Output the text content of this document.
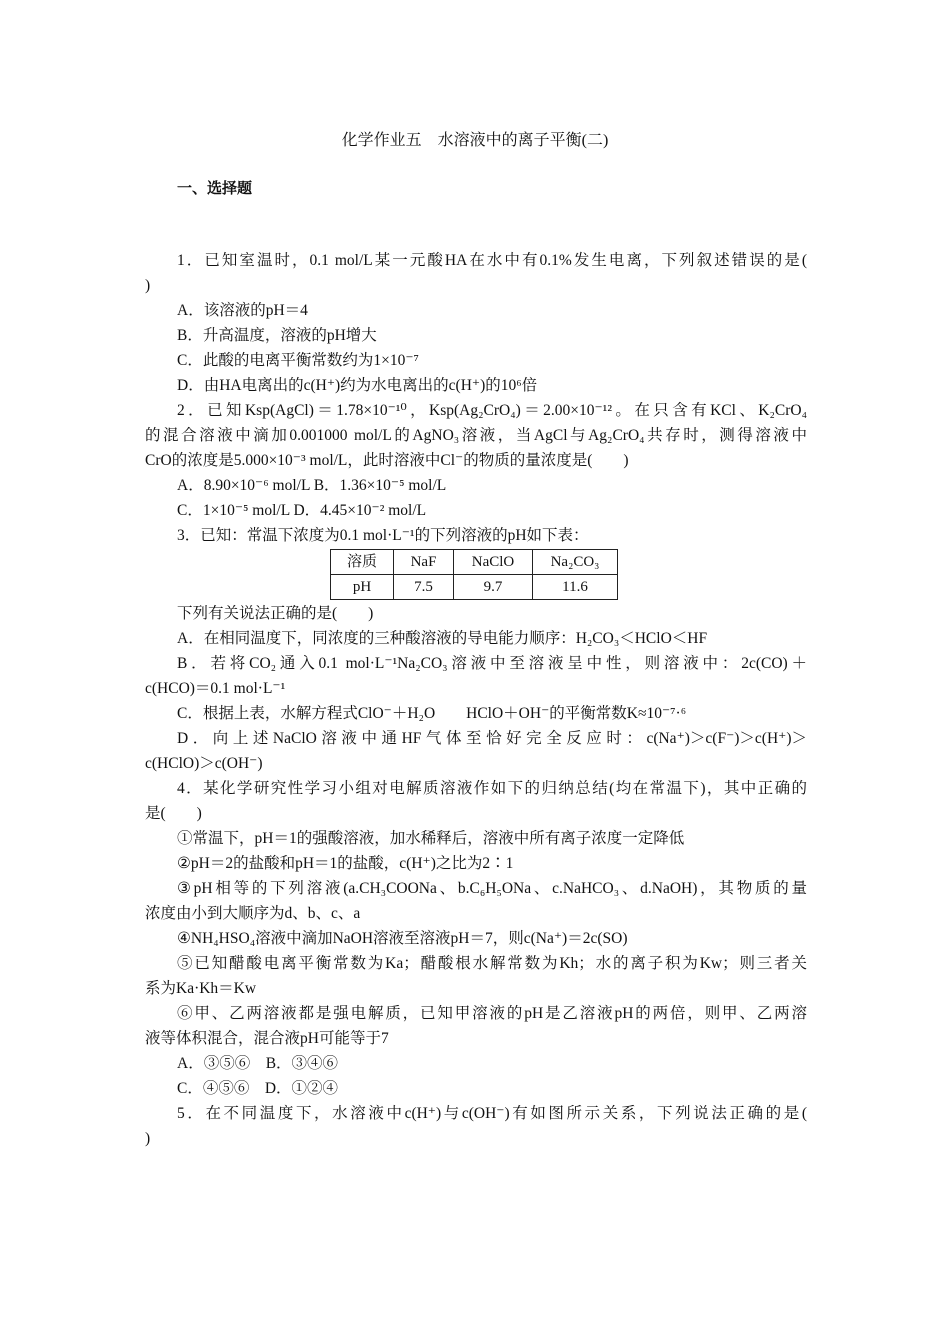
化学作业五　水溶液中的离子平衡(二)
一、选择题

1．已知室温时，0.1 mol/L某一元酸HA在水中有0.1%发生电离，下列叙述错误的是(

)

A．该溶液的pH＝4

B．升高温度，溶液的pH增大

C．此酸的电离平衡常数约为1×10⁻⁷

D．由HA电离出的c(H⁺)约为水电离出的c(H⁺)的10⁶倍

2．已知Ksp(AgCl)＝1.78×10⁻¹⁰，Ksp(Ag₂CrO₄)＝2.00×10⁻¹²。在只含有KCl、K₂CrO₄

的混合溶液中滴加0.001000 mol/L的AgNO₃溶液，当AgCl与Ag₂CrO₄共存时，测得溶液中

CrO的浓度是5.000×10⁻³ mol/L，此时溶液中Cl⁻的物质的量浓度是(　　)

A．8.90×10⁻⁶ mol/L B．1.36×10⁻⁵ mol/L

C．1×10⁻⁵ mol/L D．4.45×10⁻² mol/L

3．已知：常温下浓度为0.1 mol·L⁻¹的下列溶液的pH如下表：

溶质	NaF	NaClO	Na₂CO₃
pH	7.5	9.7	11.6

下列有关说法正确的是(　　)

A．在相同温度下，同浓度的三种酸溶液的导电能力顺序：H₂CO₃＜HClO＜HF

B．若将CO₂通入0.1 mol·L⁻¹Na₂CO₃溶液中至溶液呈中性，则溶液中：2c(CO)＋

c(HCO)＝0.1 mol·L⁻¹

C．根据上表，水解方程式ClO⁻＋H₂O　　HClO＋OH⁻的平衡常数K≈10⁻⁷·⁶

D．向上述NaClO溶液中通HF气体至恰好完全反应时：c(Na⁺)＞c(F⁻)＞c(H⁺)＞

c(HClO)＞c(OH⁻)

4．某化学研究性学习小组对电解质溶液作如下的归纳总结(均在常温下)，其中正确的

是(　　)

①常温下，pH＝1的强酸溶液，加水稀释后，溶液中所有离子浓度一定降低

②pH＝2的盐酸和pH＝1的盐酸，c(H⁺)之比为2∶1

③pH相等的下列溶液(a.CH₃COONa、b.C₆H₅ONa、c.NaHCO₃、d.NaOH)，其物质的量

浓度由小到大顺序为d、b、c、a

④NH₄HSO₄溶液中滴加NaOH溶液至溶液pH＝7，则c(Na⁺)＝2c(SO)

⑤已知醋酸电离平衡常数为Ka；醋酸根水解常数为Kh；水的离子积为Kw；则三者关

系为Ka·Kh＝Kw

⑥甲、乙两溶液都是强电解质，已知甲溶液的pH是乙溶液pH的两倍，则甲、乙两溶

液等体积混合，混合液pH可能等于7

A．③⑤⑥　B．③④⑥

C．④⑤⑥　D．①②④

5．在不同温度下，水溶液中c(H⁺)与c(OH⁻)有如图所示关系，下列说法正确的是(

)
